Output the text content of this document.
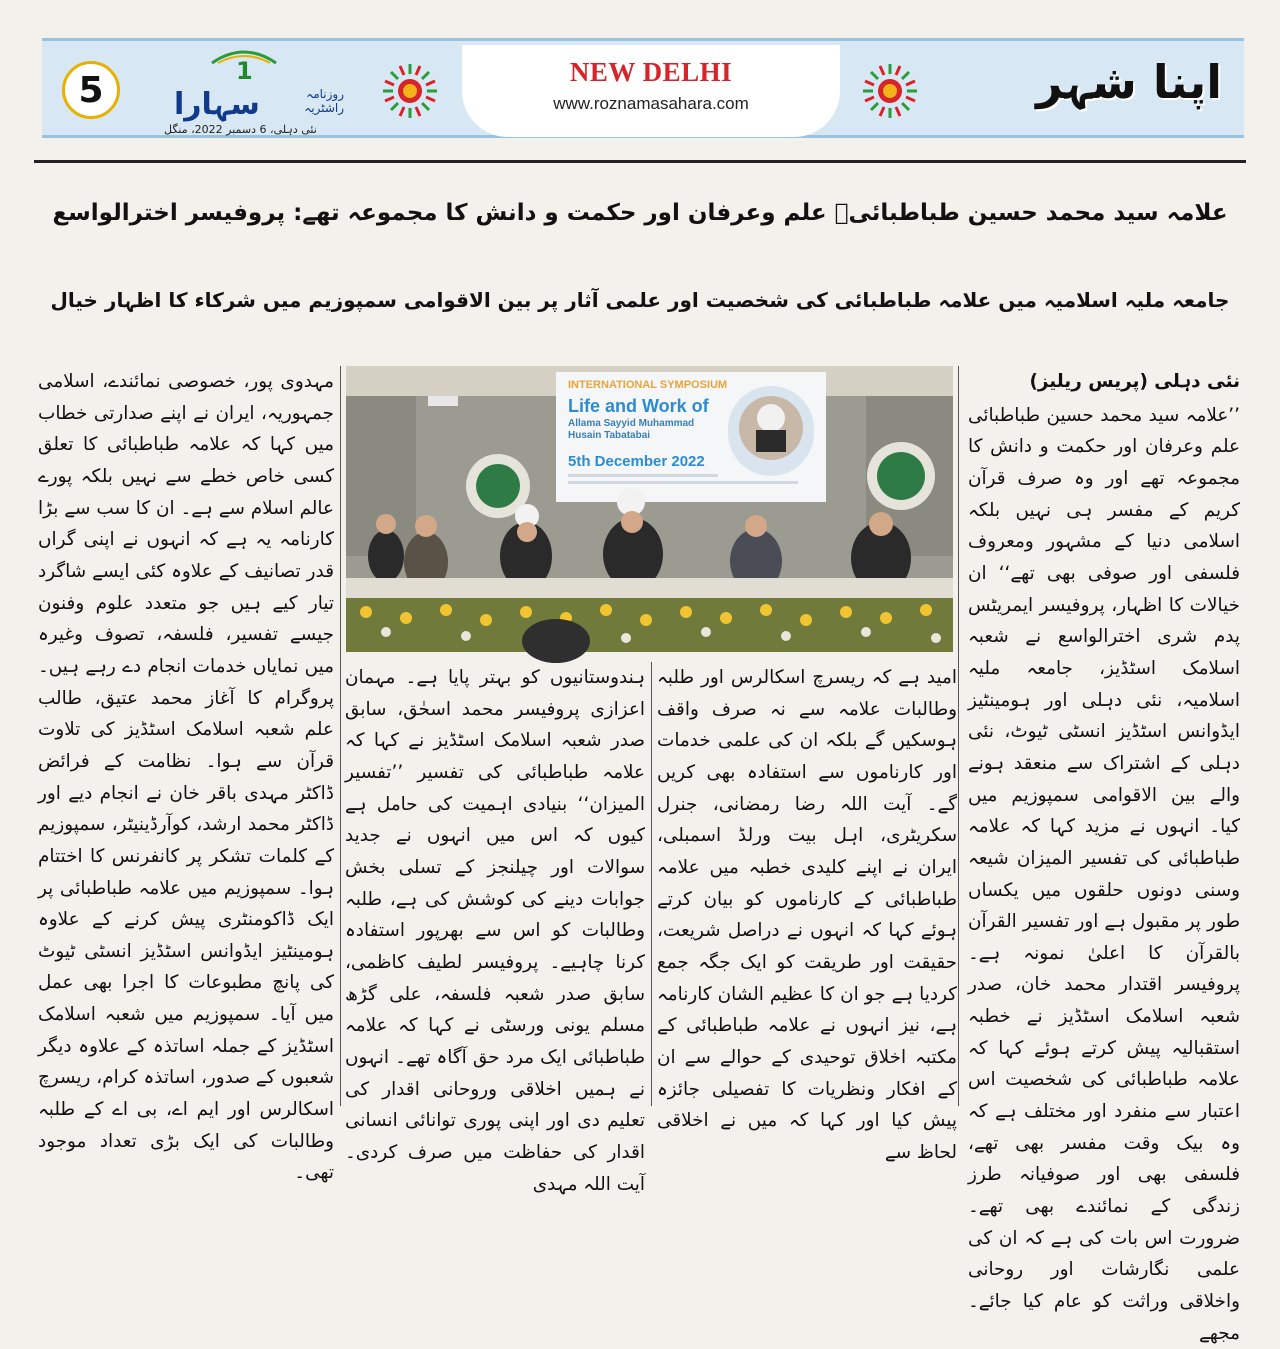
5	1
سہارا	روزنامہ راشٹریہ
نئی دہلی، 6 دسمبر 2022، منگل
NEW DELHI
www.roznamasahara.com	اپنا شہر
علامہ سید محمد حسین طباطبائیؒ علم وعرفان اور حکمت و دانش کا مجموعہ تھے: پروفیسر اخترالواسع
جامعہ ملیہ اسلامیہ میں علامہ طباطبائی کی شخصیت اور علمی آثار پر بین الاقوامی سمپوزیم میں شرکاء کا اظہار خیال
INTERNATIONAL SYMPOSIUM
Life and Work of
Allama Sayyid Muhammad
Husain Tabatabai
5th December 2022
نئی دہلی (پریس ریلیز)

’’علامہ سید محمد حسین طباطبائی علم وعرفان اور حکمت و دانش کا مجموعہ تھے اور وہ صرف قرآن کریم کے مفسر ہی نہیں بلکہ اسلامی دنیا کے مشہور ومعروف فلسفی اور صوفی بھی تھے‘‘ ان خیالات کا اظہار، پروفیسر ایمریٹس پدم شری اخترالواسع نے شعبہ اسلامک اسٹڈیز، جامعہ ملیہ اسلامیہ، نئی دہلی اور ہومینٹیز ایڈوانس اسٹڈیز انسٹی ٹیوٹ، نئی دہلی کے اشتراک سے منعقد ہونے والے بین الاقوامی سمپوزیم میں کیا۔ انہوں نے مزید کہا کہ علامہ طباطبائی کی تفسیر المیزان شیعہ وسنی دونوں حلقوں میں یکساں طور پر مقبول ہے اور تفسیر القرآن بالقرآن کا اعلیٰ نمونہ ہے۔ پروفیسر اقتدار محمد خان، صدر شعبہ اسلامک اسٹڈیز نے خطبہ استقبالیہ پیش کرتے ہوئے کہا کہ علامہ طباطبائی کی شخصیت اس اعتبار سے منفرد اور مختلف ہے کہ وہ بیک وقت مفسر بھی تھے، فلسفی بھی اور صوفیانہ طرز زندگی کے نمائندے بھی تھے۔ ضرورت اس بات کی ہے کہ ان کی علمی نگارشات اور روحانی واخلاقی وراثت کو عام کیا جائے۔ مجھے

امید ہے کہ ریسرچ اسکالرس اور طلبہ وطالبات علامہ سے نہ صرف واقف ہوسکیں گے بلکہ ان کی علمی خدمات اور کارناموں سے استفادہ بھی کریں گے۔ آیت اللہ رضا رمضانی، جنرل سکریٹری، اہل بیت ورلڈ اسمبلی، ایران نے اپنے کلیدی خطبہ میں علامہ طباطبائی کے کارناموں کو بیان کرتے ہوئے کہا کہ انہوں نے دراصل شریعت، حقیقت اور طریقت کو ایک جگہ جمع کردیا ہے جو ان کا عظیم الشان کارنامہ ہے، نیز انہوں نے علامہ طباطبائی کے مکتبہ اخلاق توحیدی کے حوالے سے ان کے افکار ونظریات کا تفصیلی جائزہ پیش کیا اور کہا کہ میں نے اخلاقی لحاظ سے

ہندوستانیوں کو بہتر پایا ہے۔ مہمان اعزازی پروفیسر محمد اسحٰق، سابق صدر شعبہ اسلامک اسٹڈیز نے کہا کہ علامہ طباطبائی کی تفسیر ’’تفسیر المیزان‘‘ بنیادی اہمیت کی حامل ہے کیوں کہ اس میں انہوں نے جدید سوالات اور چیلنجز کے تسلی بخش جوابات دینے کی کوشش کی ہے، طلبہ وطالبات کو اس سے بھرپور استفادہ کرنا چاہیے۔ پروفیسر لطیف کاظمی، سابق صدر شعبہ فلسفہ، علی گڑھ مسلم یونی ورسٹی نے کہا کہ علامہ طباطبائی ایک مرد حق آگاہ تھے۔ انہوں نے ہمیں اخلاقی وروحانی اقدار کی تعلیم دی اور اپنی پوری توانائی انسانی اقدار کی حفاظت میں صرف کردی۔ آیت اللہ مہدی

مہدوی پور، خصوصی نمائندے، اسلامی جمہوریہ، ایران نے اپنے صدارتی خطاب میں کہا کہ علامہ طباطبائی کا تعلق کسی خاص خطے سے نہیں بلکہ پورے عالم اسلام سے ہے۔ ان کا سب سے بڑا کارنامہ یہ ہے کہ انہوں نے اپنی گراں قدر تصانیف کے علاوہ کئی ایسے شاگرد تیار کیے ہیں جو متعدد علوم وفنون جیسے تفسیر، فلسفہ، تصوف وغیرہ میں نمایاں خدمات انجام دے رہے ہیں۔ پروگرام کا آغاز محمد عتیق، طالب علم شعبہ اسلامک اسٹڈیز کی تلاوت قرآن سے ہوا۔ نظامت کے فرائض ڈاکٹر مہدی باقر خان نے انجام دیے اور ڈاکٹر محمد ارشد، کوآرڈینیٹر، سمپوزیم کے کلمات تشکر پر کانفرنس کا اختتام ہوا۔ سمپوزیم میں علامہ طباطبائی پر ایک ڈاکومنٹری پیش کرنے کے علاوہ ہومینٹیز ایڈوانس اسٹڈیز انسٹی ٹیوٹ کی پانچ مطبوعات کا اجرا بھی عمل میں آیا۔ سمپوزیم میں شعبہ اسلامک اسٹڈیز کے جملہ اساتذہ کے علاوہ دیگر شعبوں کے صدور، اساتذہ کرام، ریسرچ اسکالرس اور ایم اے، بی اے کے طلبہ وطالبات کی ایک بڑی تعداد موجود تھی۔
